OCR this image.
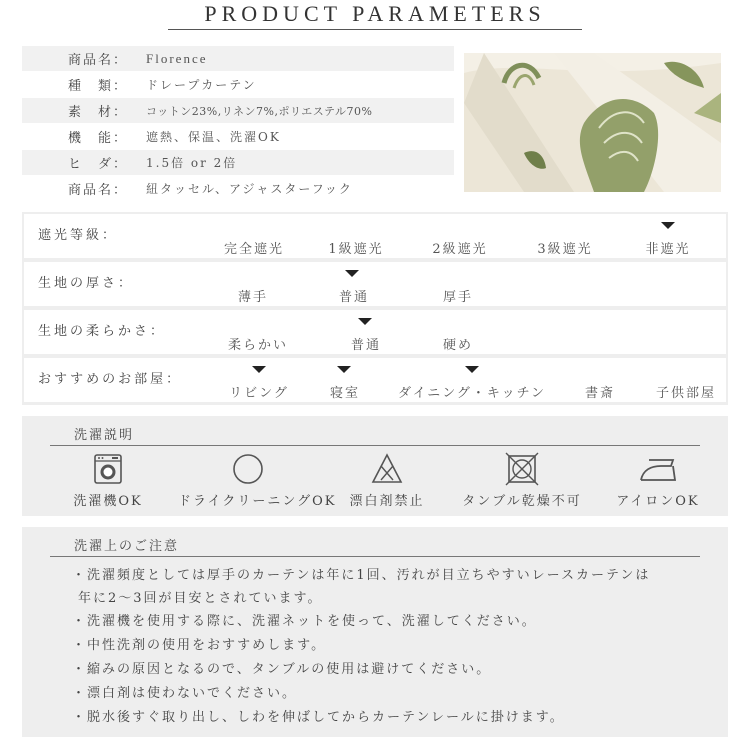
PRODUCT PARAMETERS
商品名：	Florence
種　類：	ドレープカーテン
素　材：	コットン23%,リネン7%,ポリエステル70%
機　能：	遮熱、保温、洗濯OK
ヒ　ダ：	1.5倍 or 2倍
商品名：	紐タッセル、アジャスターフック
遮光等級：
完全遮光	1級遮光	2級遮光	3級遮光	非遮光
生地の厚さ：
薄手	普通	厚手
生地の柔らかさ：
柔らかい	普通	硬め
おすすめのお部屋：
リビング	寝室	ダイニング・キッチン	書斎	子供部屋
洗濯説明
洗濯機OK	ドライクリーニングOK	漂白剤禁止	タンブル乾燥不可	アイロンOK
洗濯上のご注意
・洗濯頻度としては厚手のカーテンは年に1回、汚れが目立ちやすいレースカーテンは
年に2～3回が目安とされています。
・洗濯機を使用する際に、洗濯ネットを使って、洗濯してください。
・中性洗剤の使用をおすすめします。
・縮みの原因となるので、タンブルの使用は避けてください。
・漂白剤は使わないでください。
・脱水後すぐ取り出し、しわを伸ばしてからカーテンレールに掛けます。
